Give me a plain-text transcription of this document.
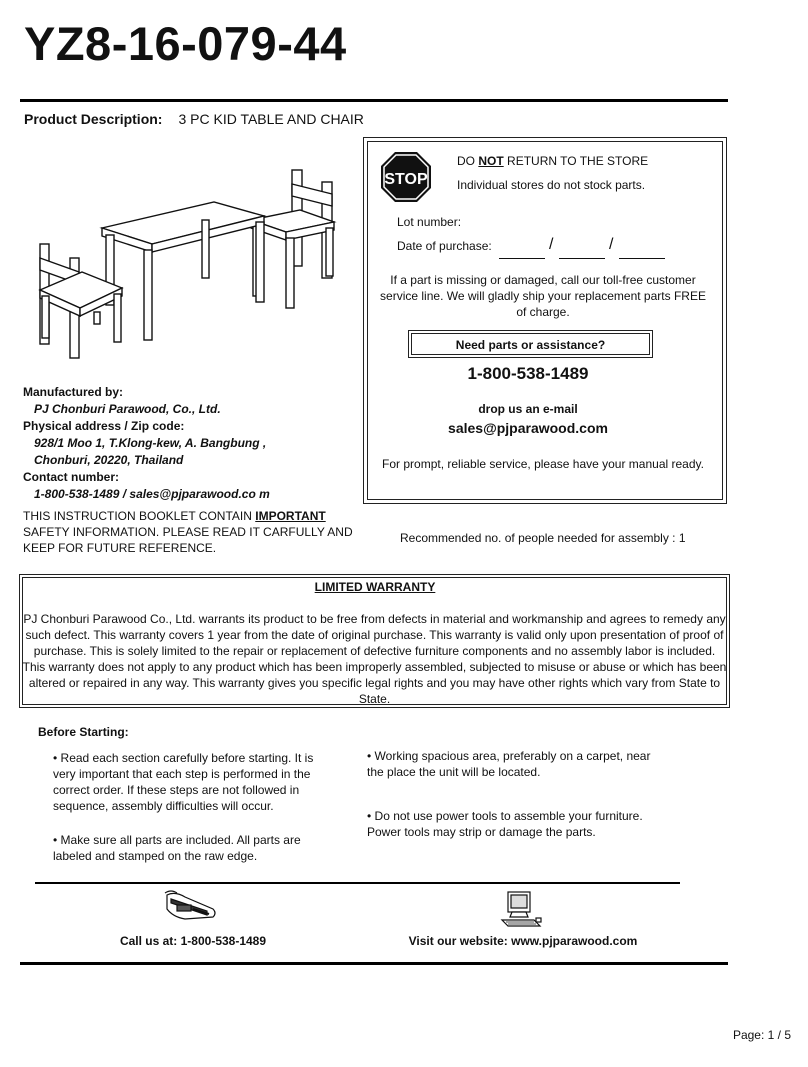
YZ8-16-079-44
Product Description: 3 PC KID TABLE AND CHAIR
Manufactured by:
PJ Chonburi Parawood, Co., Ltd.
Physical address / Zip code:
928/1 Moo 1, T.Klong-kew, A. Bangbung ,
Chonburi, 20220, Thailand
Contact number:
1-800-538-1489 / sales@pjparawood.co m
THIS INSTRUCTION BOOKLET CONTAIN IMPORTANT SAFETY INFORMATION. PLEASE READ IT CARFULLY AND KEEP FOR FUTURE REFERENCE.
STOP
DO NOT RETURN TO THE STORE
Individual stores do not stock parts.
Lot number:
Date of purchase:	/	/
If a part is missing or damaged, call our toll-free customer service line. We will gladly ship your replacement parts FREE of charge.
Need parts or assistance?
1-800-538-1489
drop us an e-mail
sales@pjparawood.com
For prompt, reliable service, please have your manual ready.
Recommended no. of people needed for assembly : 1
LIMITED WARRANTY
PJ Chonburi Parawood Co., Ltd. warrants its product to be free from defects in material and workmanship and agrees to remedy any such defect. This warranty covers 1 year from the date of original purchase. This warranty is valid only upon presentation of proof of purchase. This is solely limited to the repair or replacement of defective furniture components and no assembly labor is included. This warranty does not apply to any product which has been improperly assembled, subjected to misuse or abuse or which has been altered or repaired in any way. This warranty gives you specific legal rights and you may have other rights which vary from State to State.
Before Starting:
• Read each section carefully before starting. It is very important that each step is performed in the correct order. If these steps are not followed in sequence, assembly difficulties will occur.
• Make sure all parts are included. All parts are labeled and stamped on the raw edge.
• Working spacious area, preferably on a carpet, near the place the unit will be located.
• Do not use power tools to assemble your furniture. Power tools may strip or damage the parts.
Call us at: 1-800-538-1489	Visit our website: www.pjparawood.com
Page: 1 / 5
